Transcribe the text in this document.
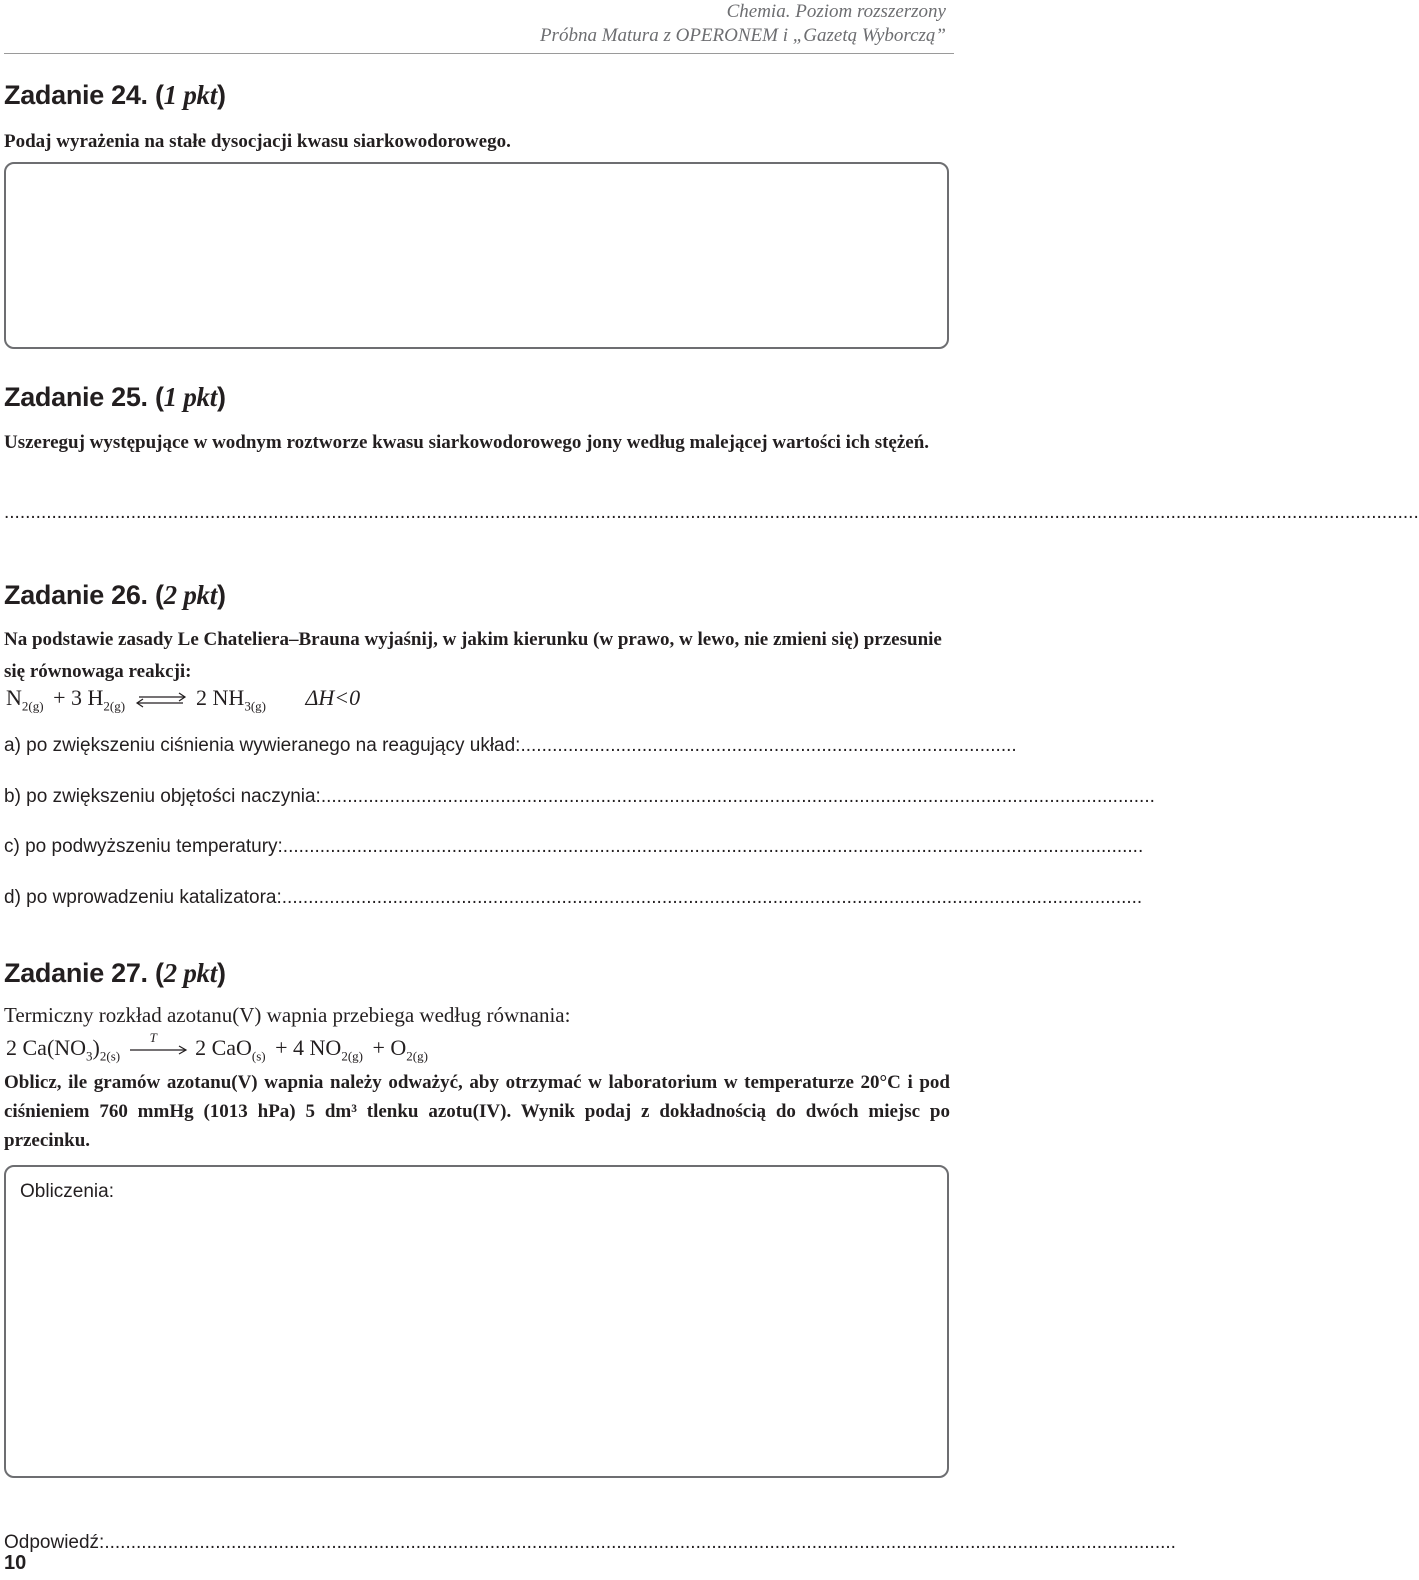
Chemia. Poziom rozszerzony
Próbna Matura z OPERONEM i „Gazetą Wyborczą”
Zadanie 24. (1 pkt)
Podaj wyrażenia na stałe dysocjacji kwasu siarkowodorowego.
Zadanie 25. (1 pkt)
Uszereguj występujące w wodnym roztworze kwasu siarkowodorowego jony według malejącej wartości ich stężeń.
............................................................................................................................................................................................................................................................................
Zadanie 26. (2 pkt)
Na podstawie zasady Le Chateliera–Brauna wyjaśnij, w jakim kierunku (w prawo, w lewo, nie zmieni się) przesunie się równowaga reakcji:
$N_{2(g)} + 3$ $H_{2(g)}$ ⇌ 2 $NH_{3(g)}$ ΔH<0
a) po zwiększeniu ciśnienia wywieranego na reagujący układ:..............................................................................................
b) po zwiększeniu objętości naczynia:..............................................................................................................................................................
c) po podwyższeniu temperatury:...................................................................................................................................................................
d) po wprowadzeniu katalizatora:...................................................................................................................................................................
Zadanie 27. (2 pkt)
Termiczny rozkład azotanu(V) wapnia przebiega według równania:
2 $Ca(NO_3)_{2(s)}$
T 2 CaO$_{(s)}$ + 4 $NO_{2(g)} + O_{2(g)}$
Oblicz, ile gramów azotanu(V) wapnia należy odważyć, aby otrzymać w laboratorium w temperaturze 20°C i pod ciśnieniem 760 mmHg (1013 hPa) 5 dm³ tlenku azotu(IV). Wynik podaj z dokładnością do dwóch miejsc po przecinku.
Obliczenia:
Odpowiedź:...........................................................................................................................................................................................................
10
